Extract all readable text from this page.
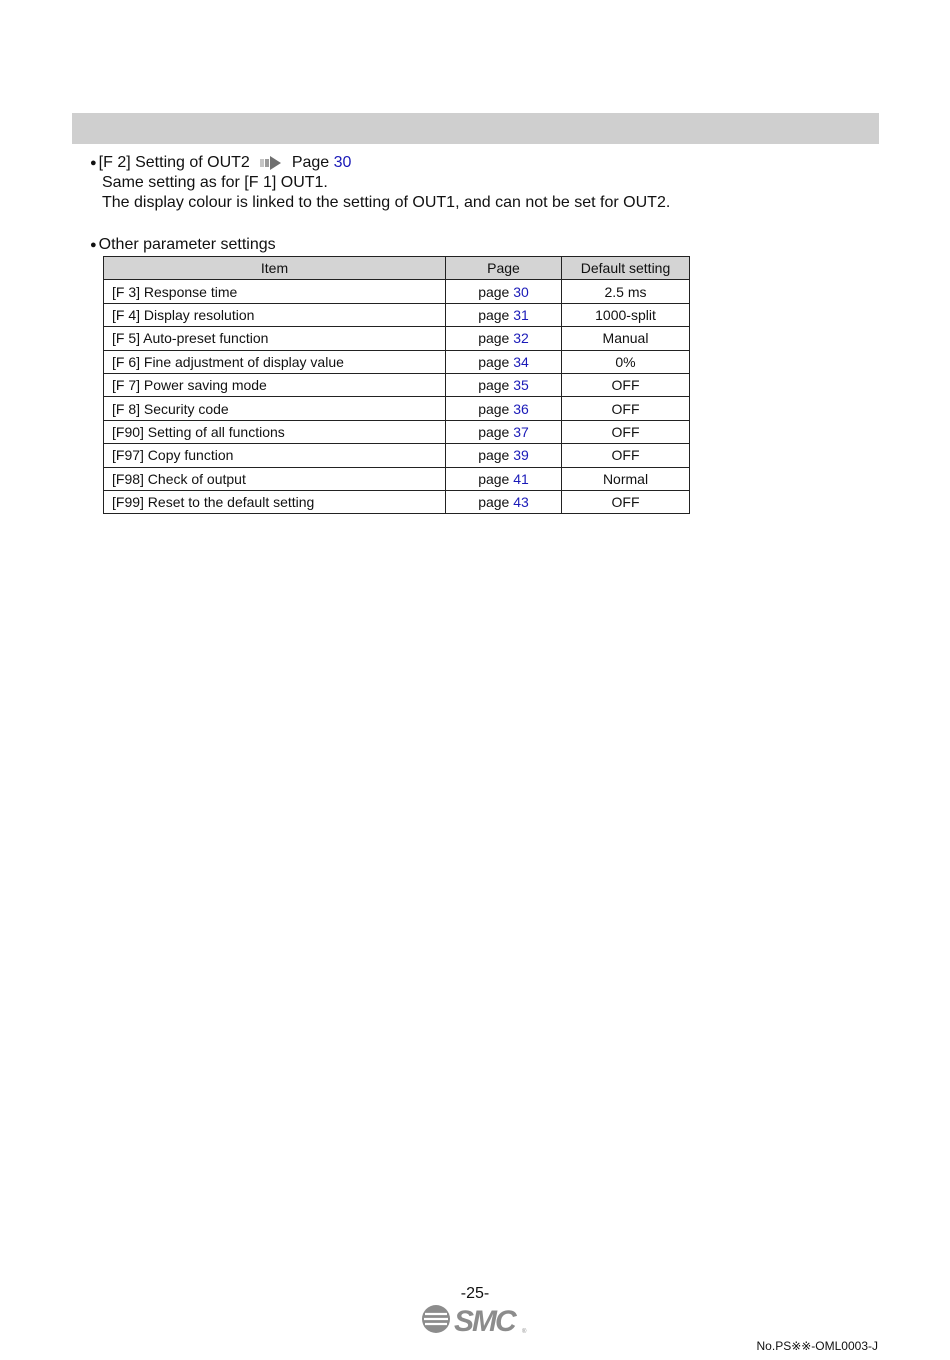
● [F 2] Setting of OUT2	Page 30
Same setting as for [F 1] OUT1.
The display colour is linked to the setting of OUT1, and can not be set for OUT2.
● Other parameter settings
Item	Page	Default setting
[F 3] Response time	page 30	2.5 ms
[F 4] Display resolution	page 31	1000-split
[F 5] Auto-preset function	page 32	Manual
[F 6] Fine adjustment of display value	page 34	0%
[F 7] Power saving mode	page 35	OFF
[F 8] Security code	page 36	OFF
[F90] Setting of all functions	page 37	OFF
[F97] Copy function	page 39	OFF
[F98] Check of output	page 41	Normal
[F99] Reset to the default setting	page 43	OFF
-25-
SMC	®
No.PS※※-OML0003-J
